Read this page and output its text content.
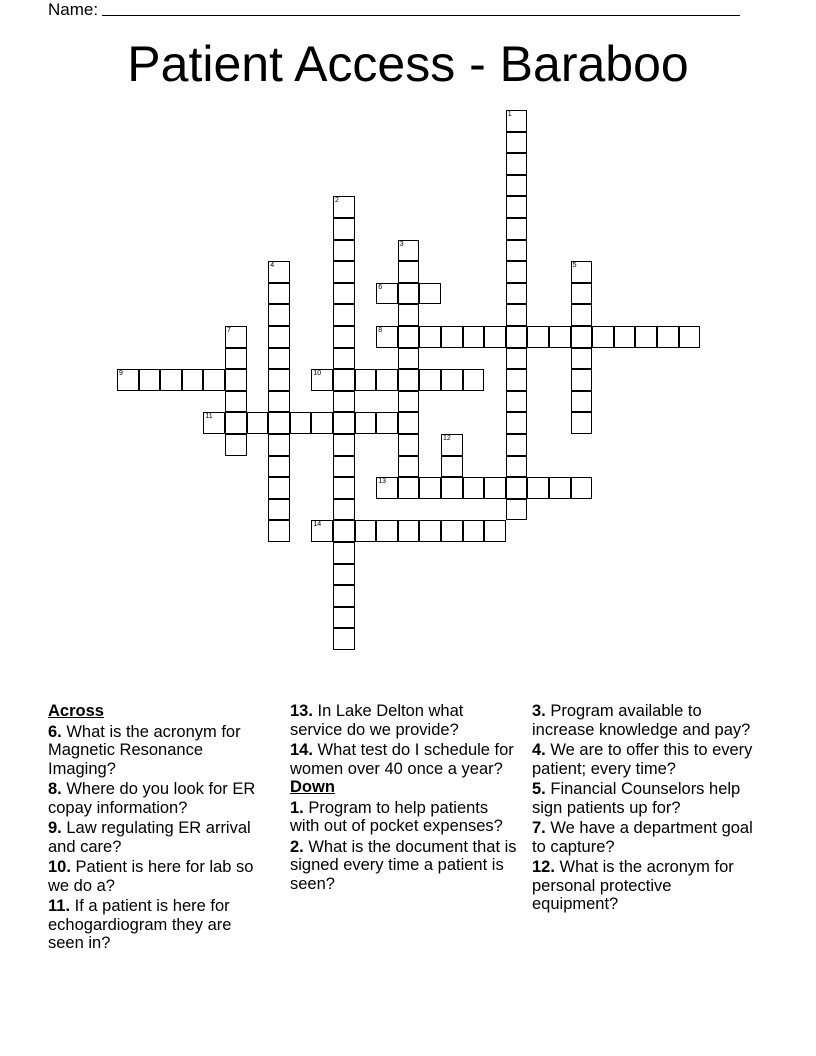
Name:
Patient Access - Baraboo
1
2
3
4	5
6
7	8
9	10
11
12
13
14
Across
6. What is the acronym for Magnetic Resonance Imaging?
8. Where do you look for ER copay information?
9. Law regulating ER arrival and care?
10. Patient is here for lab so we do a?
11. If a patient is here for echogardiogram they are seen in?
13. In Lake Delton what service do we provide?
14. What test do I schedule for women over 40 once a year?
Down
1. Program to help patients with out of pocket expenses?
2. What is the document that is signed every time a patient is seen?
3. Program available to increase knowledge and pay?
4. We are to offer this to every patient; every time?
5. Financial Counselors help sign patients up for?
7. We have a department goal to capture?
12. What is the acronym for personal protective equipment?
